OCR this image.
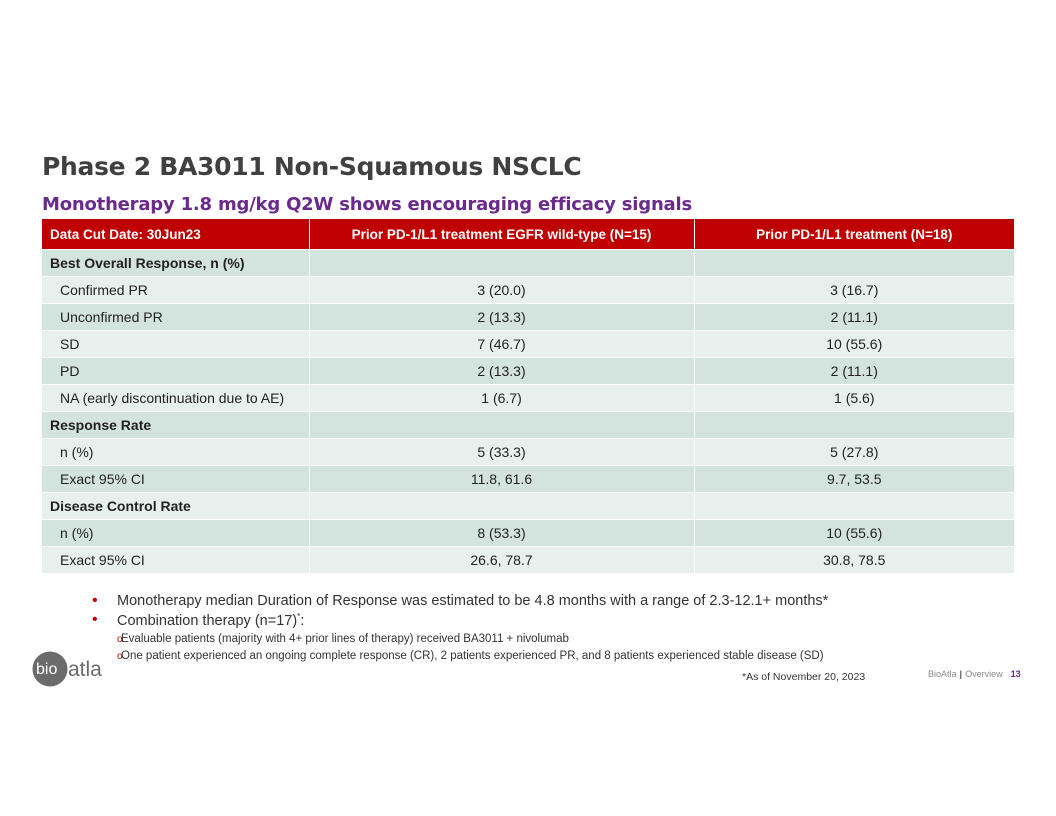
Phase 2 BA3011 Non-Squamous NSCLC
Monotherapy 1.8 mg/kg Q2W shows encouraging efficacy signals
Data Cut Date: 30Jun23	Prior PD-1/L1 treatment EGFR wild-type (N=15)	Prior PD-1/L1 treatment (N=18)
Best Overall Response, n (%)		
Confirmed PR	3 (20.0)	3 (16.7)
Unconfirmed PR	2 (13.3)	2 (11.1)
SD	7 (46.7)	10 (55.6)
PD	2 (13.3)	2 (11.1)
NA (early discontinuation due to AE)	1 (6.7)	1 (5.6)
Response Rate		
n (%)	5 (33.3)	5 (27.8)
Exact 95% CI	11.8, 61.6	9.7, 53.5
Disease Control Rate		
n (%)	8 (53.3)	10 (55.6)
Exact 95% CI	26.6, 78.7	30.8, 78.5
• Monotherapy median Duration of Response was estimated to be 4.8 months with a range of 2.3-12.1+ months*
• Combination therapy (n=17)*:
o Evaluable patients (majority with 4+ prior lines of therapy) received BA3011 + nivolumab
o One patient experienced an ongoing complete response (CR), 2 patients experienced PR, and 8 patients experienced stable disease (SD)
bio atla	*As of November 20, 2023	BioAtla | Overview 13
